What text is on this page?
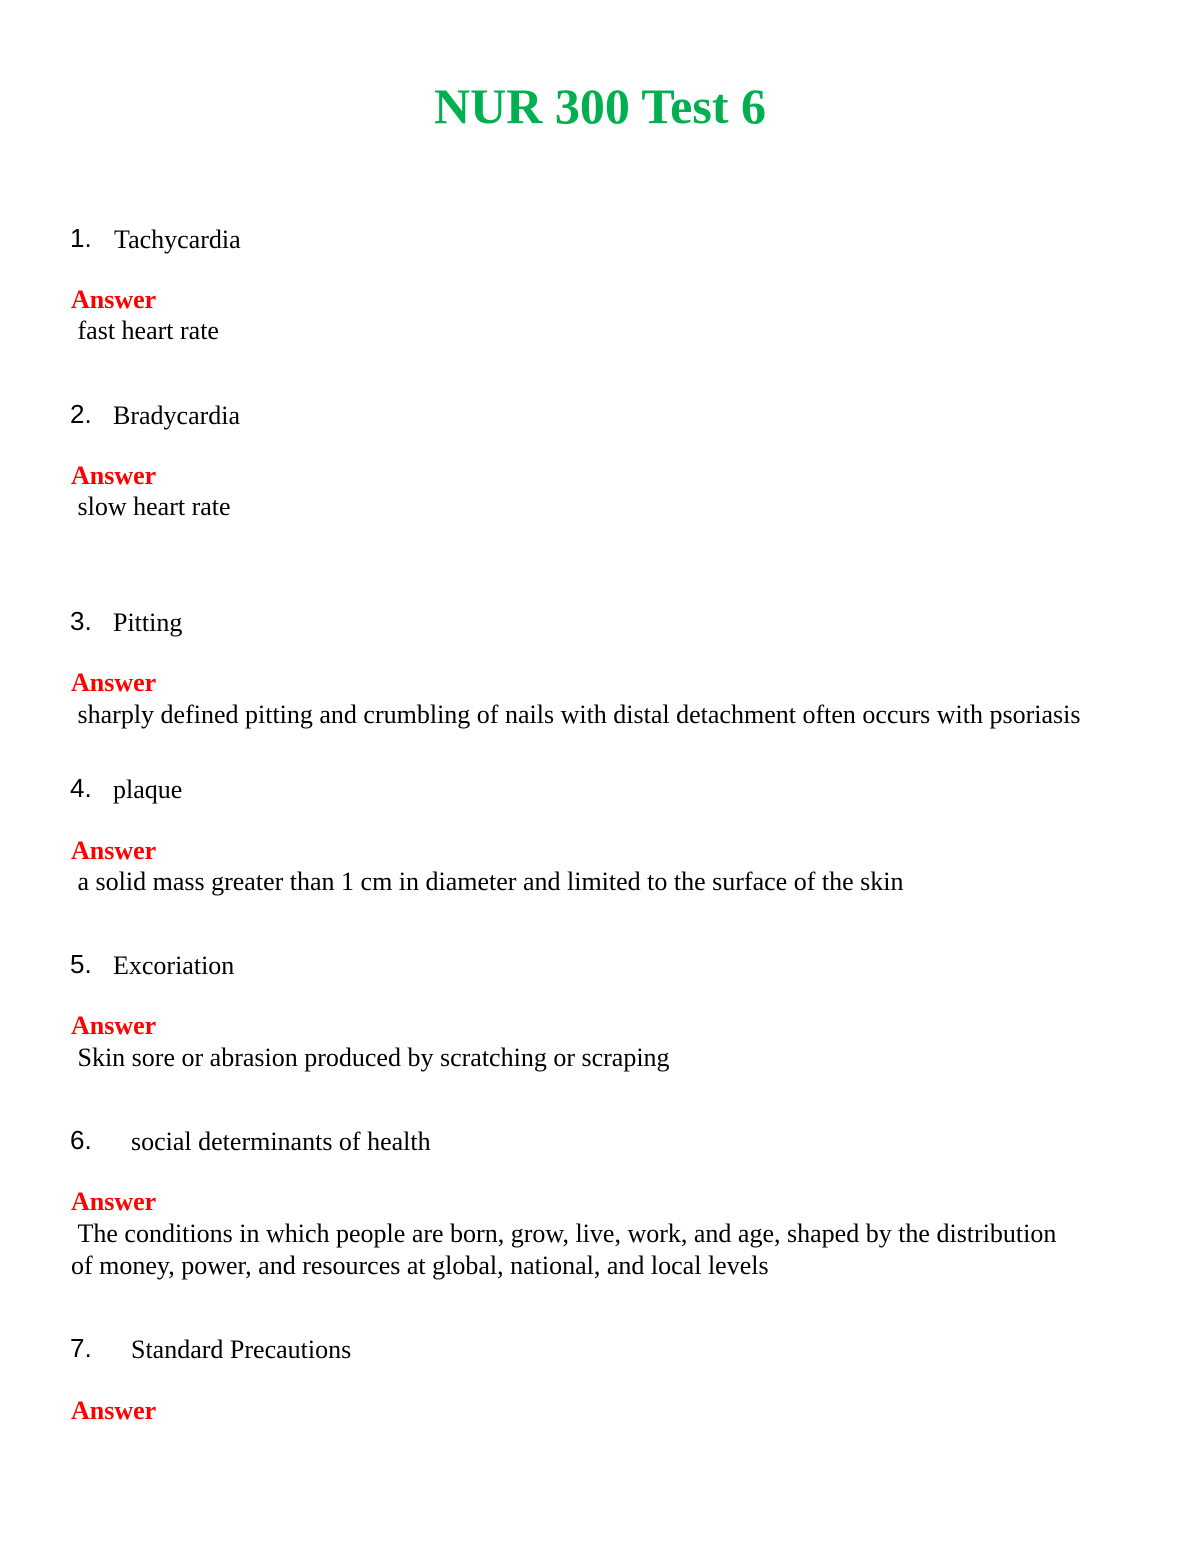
NUR 300 Test 6
1. Tachycardia
Answer
fast heart rate
2. Bradycardia
Answer
slow heart rate
3. Pitting
Answer
sharply defined pitting and crumbling of nails with distal detachment often occurs with psoriasis
4. plaque
Answer
a solid mass greater than 1 cm in diameter and limited to the surface of the skin
5. Excoriation
Answer
Skin sore or abrasion produced by scratching or scraping
6. social determinants of health
Answer
The conditions in which people are born, grow, live, work, and age, shaped by the distribution
of money, power, and resources at global, national, and local levels
7. Standard Precautions
Answer
